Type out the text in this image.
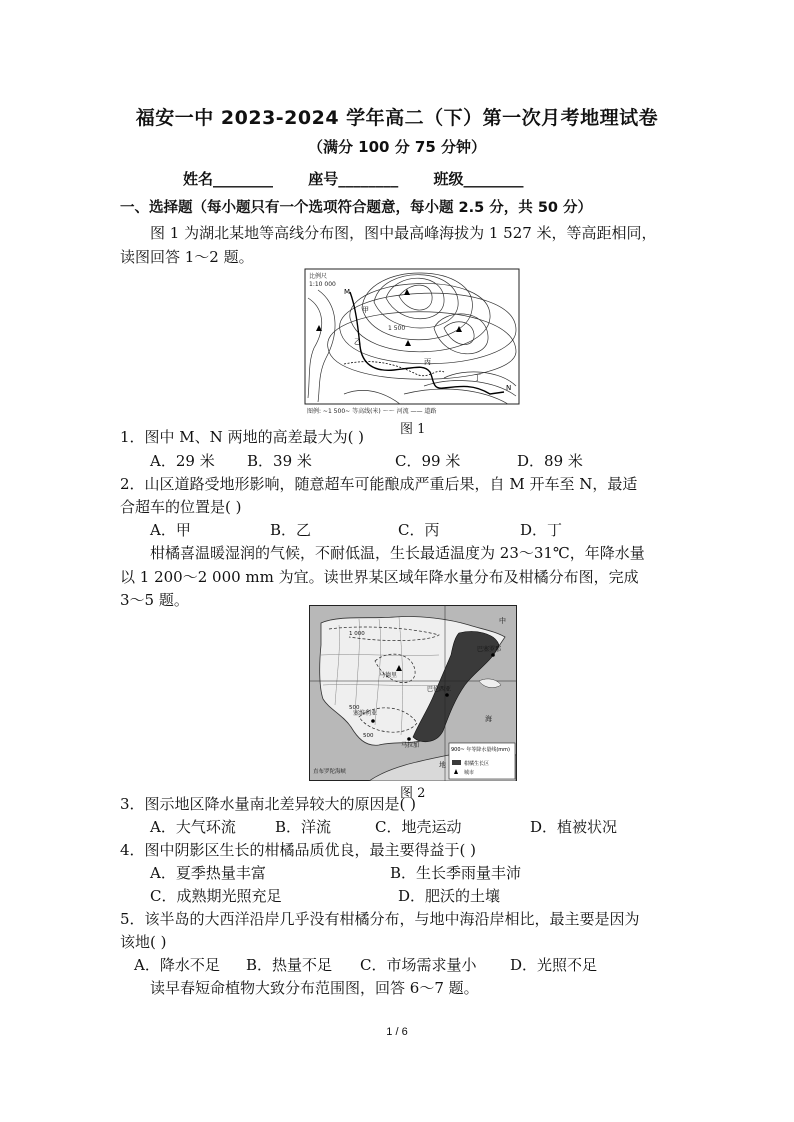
福安一中 2023-2024 学年高二（下）第一次月考地理试卷
（满分 100 分 75 分钟）
姓名________ 座号________ 班级________
一、选择题（每小题只有一个选项符合题意，每小题 2.5 分，共 50 分）
图 1 为湖北某地等高线分布图，图中最高峰海拔为 1 527 米，等高距相同，
读图回答 1～2 题。
比例尺
1:10 000
1 500
M
N
甲
乙
丙
丁
图例: ~1 500~ 等高线(米) ～～ 河流 —— 道路
图 1
1．图中 M、N 两地的高差最大为( )
A．29 米 B．39 米	C．99 米	D．89 米
2．山区道路受地形影响，随意超车可能酿成严重后果，自 M 开车至 N，最适
合超车的位置是( )
A．甲	B．乙	C．丙	D．丁
柑橘喜温暖湿润的气候，不耐低温，生长最适温度为 23～31℃，年降水量
以 1 200～2 000 mm 为宜。读世界某区域年降水量分布及柑橘分布图，完成
3～5 题。
巴塞罗那
马德里
巴伦西亚
塞维利亚
马拉加
直布罗陀海峡
1 000
500
500
海
中
地
900~ 年等降水量线(mm)
柑橘生长区
城市
图 2
3．图示地区降水量南北差异较大的原因是( )
A．大气环流	B．洋流	C．地壳运动	D．植被状况
4．图中阴影区生长的柑橘品质优良，最主要得益于( )
A．夏季热量丰富	B．生长季雨量丰沛
C．成熟期光照充足	D．肥沃的土壤
5．该半岛的大西洋沿岸几乎没有柑橘分布，与地中海沿岸相比，最主要是因为
该地( )
A．降水不足 B．热量不足 C．市场需求量小 D．光照不足
读早春短命植物大致分布范围图，回答 6～7 题。
1 / 6
